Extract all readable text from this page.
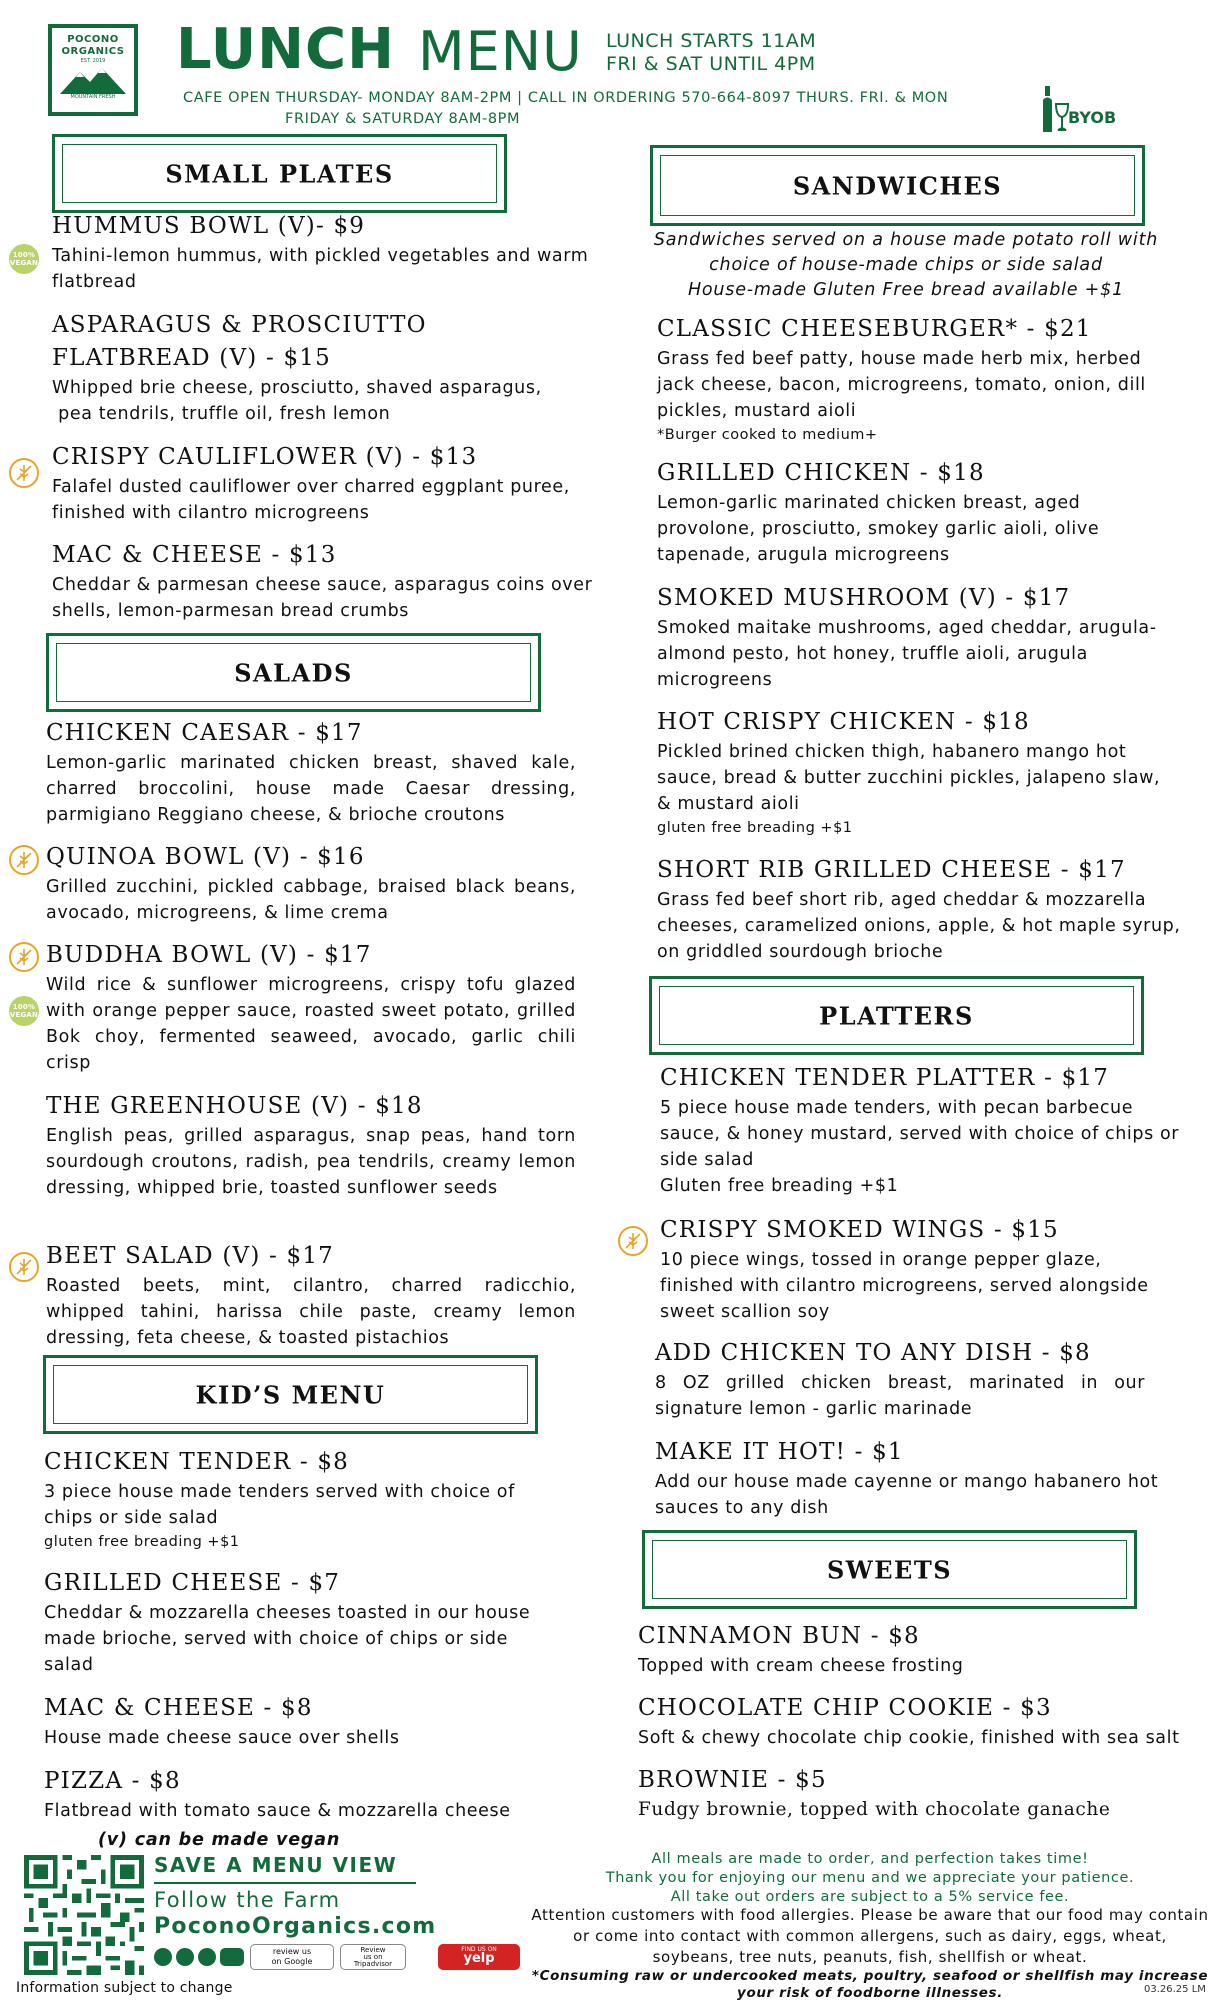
POCONO
ORGANICS
EST. 2019
MOUNTAIN FRESH
LUNCH MENU LUNCH STARTS 11AM
FRI & SAT UNTIL 4PM
CAFE OPEN THURSDAY- MONDAY 8AM-2PM | CALL IN ORDERING 570-664-8097 THURS. FRI. & MON
FRIDAY & SATURDAY 8AM-8PM	BYOB
SMALL PLATES
100%
VEGAN
HUMMUS BOWL (V)- $9
Tahini-lemon hummus, with pickled vegetables and warm flatbread
ASPARAGUS & PROSCIUTTO
FLATBREAD (V) - $15
Whipped brie cheese, prosciutto, shaved asparagus,
pea tendrils, truffle oil, fresh lemon
CRISPY CAULIFLOWER (V) - $13
Falafel dusted cauliflower over charred eggplant puree, finished with cilantro microgreens
MAC & CHEESE - $13
Cheddar & parmesan cheese sauce, asparagus coins over shells, lemon-parmesan bread crumbs
SALADS
CHICKEN CAESAR - $17
Lemon-garlic marinated chicken breast, shaved kale, charred broccolini, house made Caesar dressing, parmigiano Reggiano cheese, & brioche croutons
QUINOA BOWL (V) - $16
Grilled zucchini, pickled cabbage, braised black beans, avocado, microgreens, & lime crema
100%
VEGAN
BUDDHA BOWL (V) - $17
Wild rice & sunflower microgreens, crispy tofu glazed with orange pepper sauce, roasted sweet potato, grilled Bok choy, fermented seaweed, avocado, garlic chili crisp
THE GREENHOUSE (V) - $18
English peas, grilled asparagus, snap peas, hand torn sourdough croutons, radish, pea tendrils, creamy lemon dressing, whipped brie, toasted sunflower seeds
BEET SALAD (V) - $17
Roasted beets, mint, cilantro, charred radicchio, whipped tahini, harissa chile paste, creamy lemon dressing, feta cheese, & toasted pistachios
KID’S MENU
CHICKEN TENDER - $8
3 piece house made tenders served with choice of chips or side salad
gluten free breading +$1
GRILLED CHEESE - $7
Cheddar & mozzarella cheeses toasted in our house made brioche, served with choice of chips or side salad
MAC & CHEESE - $8
House made cheese sauce over shells
PIZZA - $8
Flatbread with tomato sauce & mozzarella cheese
SANDWICHES
Sandwiches served on a house made potato roll with
choice of house-made chips or side salad
House-made Gluten Free bread available +$1
CLASSIC CHEESEBURGER* - $21
Grass fed beef patty, house made herb mix, herbed jack cheese, bacon, microgreens, tomato, onion, dill pickles, mustard aioli
*Burger cooked to medium+
GRILLED CHICKEN - $18
Lemon-garlic marinated chicken breast, aged provolone, prosciutto, smokey garlic aioli, olive tapenade, arugula microgreens
SMOKED MUSHROOM (V) - $17
Smoked maitake mushrooms, aged cheddar, arugula-almond pesto, hot honey, truffle aioli, arugula microgreens
HOT CRISPY CHICKEN - $18
Pickled brined chicken thigh, habanero mango hot sauce, bread & butter zucchini pickles, jalapeno slaw, & mustard aioli
gluten free breading +$1
SHORT RIB GRILLED CHEESE - $17
Grass fed beef short rib, aged cheddar & mozzarella cheeses, caramelized onions, apple, & hot maple syrup, on griddled sourdough brioche
PLATTERS
CHICKEN TENDER PLATTER - $17
5 piece house made tenders, with pecan barbecue sauce, & honey mustard, served with choice of chips or side salad
Gluten free breading +$1
CRISPY SMOKED WINGS - $15
10 piece wings, tossed in orange pepper glaze, finished with cilantro microgreens, served alongside sweet scallion soy
ADD CHICKEN TO ANY DISH - $8
8 OZ grilled chicken breast, marinated in our signature lemon - garlic marinade
MAKE IT HOT! - $1
Add our house made cayenne or mango habanero hot sauces to any dish
SWEETS
CINNAMON BUN - $8
Topped with cream cheese frosting
CHOCOLATE CHIP COOKIE - $3
Soft & chewy chocolate chip cookie, finished with sea salt
BROWNIE - $5
Fudgy brownie, topped with chocolate ganache
(v) can be made vegan
SAVE A MENU VIEW
Follow the Farm
PoconoOrganics.com
review us
on Google
Review
us on
Tripadvisor
FIND US ON
yelp
Information subject to change
All meals are made to order, and perfection takes time!
Thank you for enjoying our menu and we appreciate your patience.
All take out orders are subject to a 5% service fee.
Attention customers with food allergies. Please be aware that our food may contain or come into contact with common allergens, such as dairy, eggs, wheat, soybeans, tree nuts, peanuts, fish, shellfish or wheat.
*Consuming raw or undercooked meats, poultry, seafood or shellfish may increase your risk of foodborne illnesses.	03.26.25 LM
